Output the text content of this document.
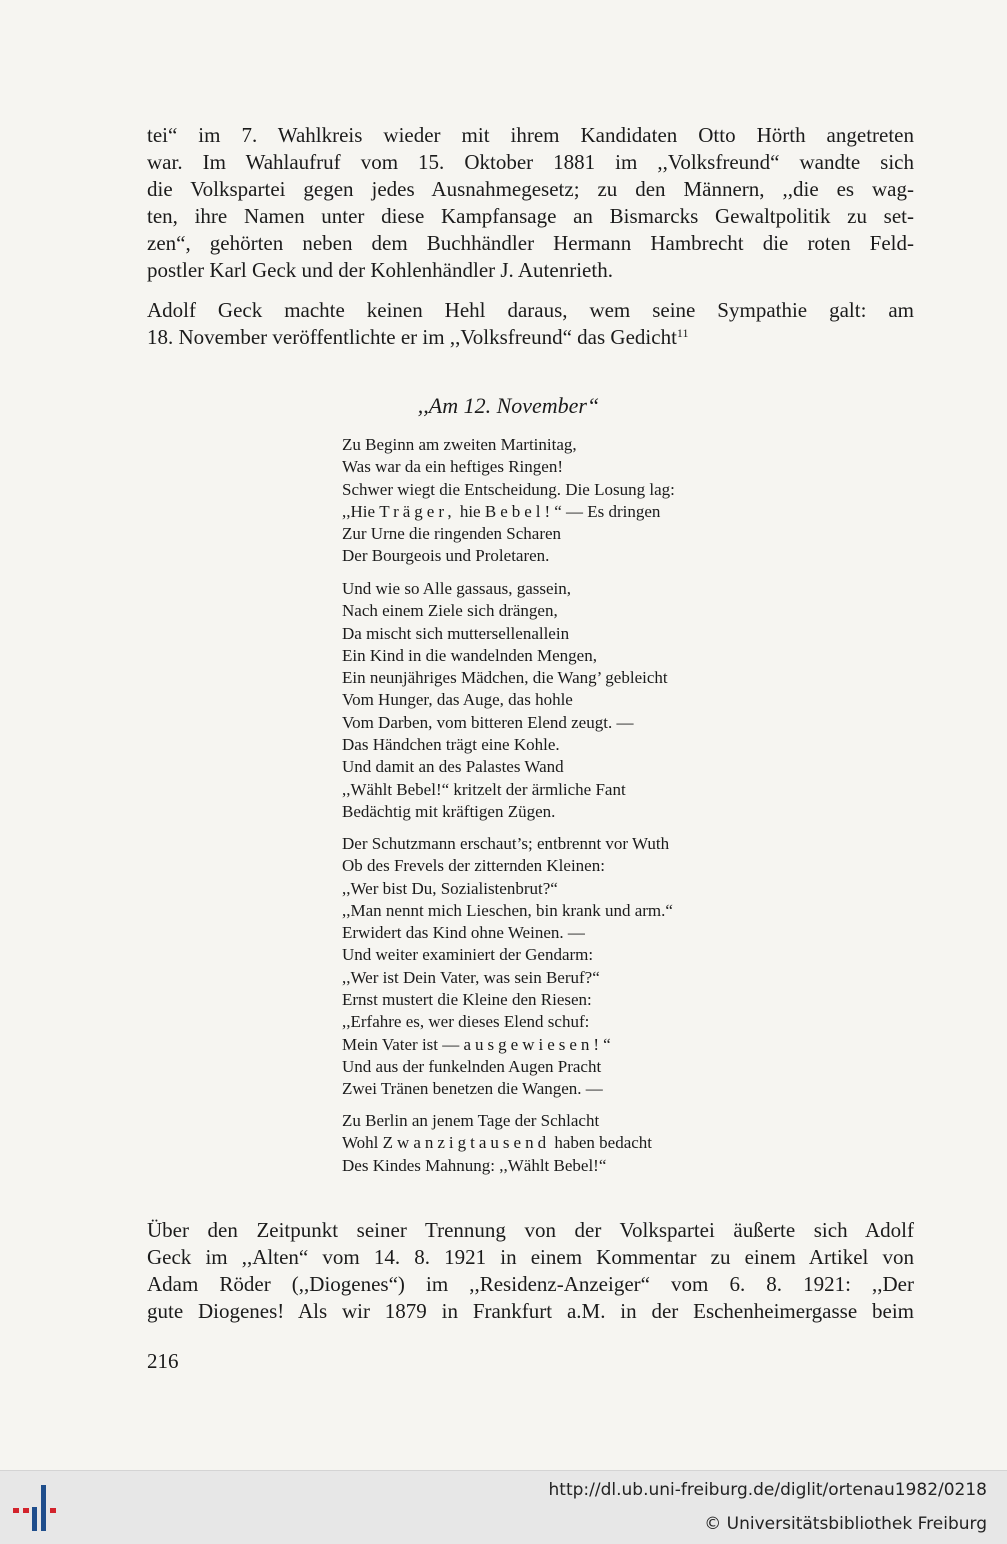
tei“ im 7. Wahlkreis wieder mit ihrem Kandidaten Otto Hörth angetreten
war. Im Wahlaufruf vom 15. Oktober 1881 im ,,Volksfreund“ wandte sich
die Volkspartei gegen jedes Ausnahmegesetz; zu den Männern, ,,die es wag-
ten, ihre Namen unter diese Kampfansage an Bismarcks Gewaltpolitik zu set-
zen“, gehörten neben dem Buchhändler Hermann Hambrecht die roten Feld-
postler Karl Geck und der Kohlenhändler J. Autenrieth.

Adolf Geck machte keinen Hehl daraus, wem seine Sympathie galt: am
18. November veröffentlichte er im ,,Volksfreund“ das Gedicht$^{11}$

,,Am 12. November“
Zu Beginn am zweiten Martinitag,
Was war da ein heftiges Ringen!
Schwer wiegt die Entscheidung. Die Losung lag:
,,Hie Träger, hie Bebel!“ — Es dringen
Zur Urne die ringenden Scharen
Der Bourgeois und Proletaren.
Und wie so Alle gassaus, gassein,
Nach einem Ziele sich drängen,
Da mischt sich muttersellenallein
Ein Kind in die wandelnden Mengen,
Ein neunjähriges Mädchen, die Wang’ gebleicht
Vom Hunger, das Auge, das hohle
Vom Darben, vom bitteren Elend zeugt. —
Das Händchen trägt eine Kohle.
Und damit an des Palastes Wand
,,Wählt Bebel!“ kritzelt der ärmliche Fant
Bedächtig mit kräftigen Zügen.
Der Schutzmann erschaut’s; entbrennt vor Wuth
Ob des Frevels der zitternden Kleinen:
,,Wer bist Du, Sozialistenbrut?“
,,Man nennt mich Lieschen, bin krank und arm.“
Erwidert das Kind ohne Weinen. —
Und weiter examiniert der Gendarm:
,,Wer ist Dein Vater, was sein Beruf?“
Ernst mustert die Kleine den Riesen:
,,Erfahre es, wer dieses Elend schuf:
Mein Vater ist — ausgewiesen!“
Und aus der funkelnden Augen Pracht
Zwei Tränen benetzen die Wangen. —
Zu Berlin an jenem Tage der Schlacht
Wohl Zwanzigtausend haben bedacht
Des Kindes Mahnung: ,,Wählt Bebel!“

Über den Zeitpunkt seiner Trennung von der Volkspartei äußerte sich Adolf
Geck im ,,Alten“ vom 14. 8. 1921 in einem Kommentar zu einem Artikel von
Adam Röder (,,Diogenes“) im ,,Residenz-Anzeiger“ vom 6. 8. 1921: ,,Der
gute Diogenes! Als wir 1879 in Frankfurt a.M. in der Eschenheimergasse beim

216
http://dl.ub.uni-freiburg.de/diglit/ortenau1982/0218
© Universitätsbibliothek Freiburg
